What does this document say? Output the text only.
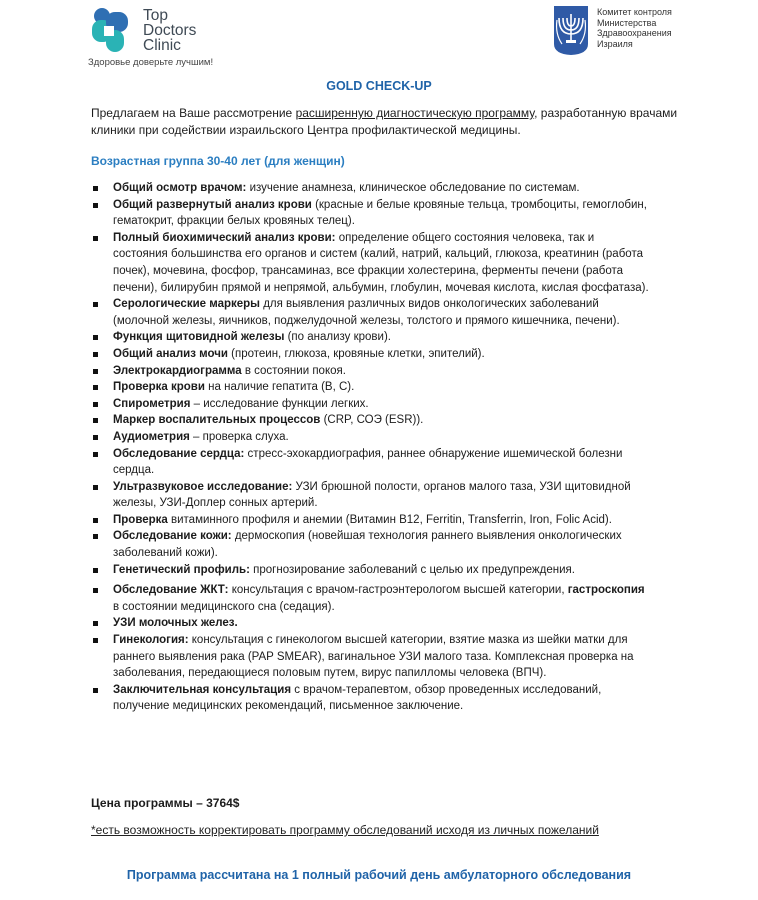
Top
Doctors
Clinic
Здоровье доверьте лучшим!
Комитет контроля
Министерства
Здравоохранения
Израиля
GOLD CHECK-UP
Предлагаем на Ваше рассмотрение расширенную диагностическую программу, разработанную врачами клиники при содействии израильского Центра профилактической медицины.
Возрастная группа 30-40 лет (для женщин)
Общий осмотр врачом: изучение анамнеза, клиническое обследование по системам.
Общий развернутый анализ крови (красные и белые кровяные тельца, тромбоциты, гемоглобин, гематокрит, фракции белых кровяных телец).
Полный биохимический анализ крови: определение общего состояния человека, так и состояния большинства его органов и систем (калий, натрий, кальций, глюкоза, креатинин (работа почек), мочевина, фосфор, трансаминаз, все фракции холестерина, ферменты печени (работа печени), билирубин прямой и непрямой, альбумин, глобулин, мочевая кислота, кислая фосфатаза).
Серологические маркеры для выявления различных видов онкологических заболеваний (молочной железы, яичников, поджелудочной железы, толстого и прямого кишечника, печени).
Функция щитовидной железы (по анализу крови).
Общий анализ мочи (протеин, глюкоза, кровяные клетки, эпителий).
Электрокардиограмма в состоянии покоя.
Проверка крови на наличие гепатита (B, C).
Спирометрия – исследование функции легких.
Маркер воспалительных процессов (CRP, СОЭ (ESR)).
Аудиометрия – проверка слуха.
Обследование сердца: стресс-эхокардиография, раннее обнаружение ишемической болезни сердца.
Ультразвуковое исследование: УЗИ брюшной полости, органов малого таза, УЗИ щитовидной железы, УЗИ-Доплер сонных артерий.
Проверка витаминного профиля и анемии (Витамин B12, Ferritin, Transferrin, Iron, Folic Acid).
Обследование кожи: дермоскопия (новейшая технология раннего выявления онкологических заболеваний кожи).
Генетический профиль: прогнозирование заболеваний с целью их предупреждения.
Обследование ЖКТ: консультация с врачом-гастроэнтерологом высшей категории, гастроскопия в состоянии медицинского сна (седация).
УЗИ молочных желез.
Гинекология: консультация с гинекологом высшей категории, взятие мазка из шейки матки для раннего выявления рака (PAP SMEAR), вагинальное УЗИ малого таза. Комплексная проверка на заболевания, передающиеся половым путем, вирус папилломы человека (ВПЧ).
Заключительная консультация с врачом-терапевтом, обзор проведенных исследований, получение медицинских рекомендаций, письменное заключение.
Цена программы – 3764$
*есть возможность корректировать программу обследований исходя из личных пожеланий
Программа рассчитана на 1 полный рабочий день амбулаторного обследования
